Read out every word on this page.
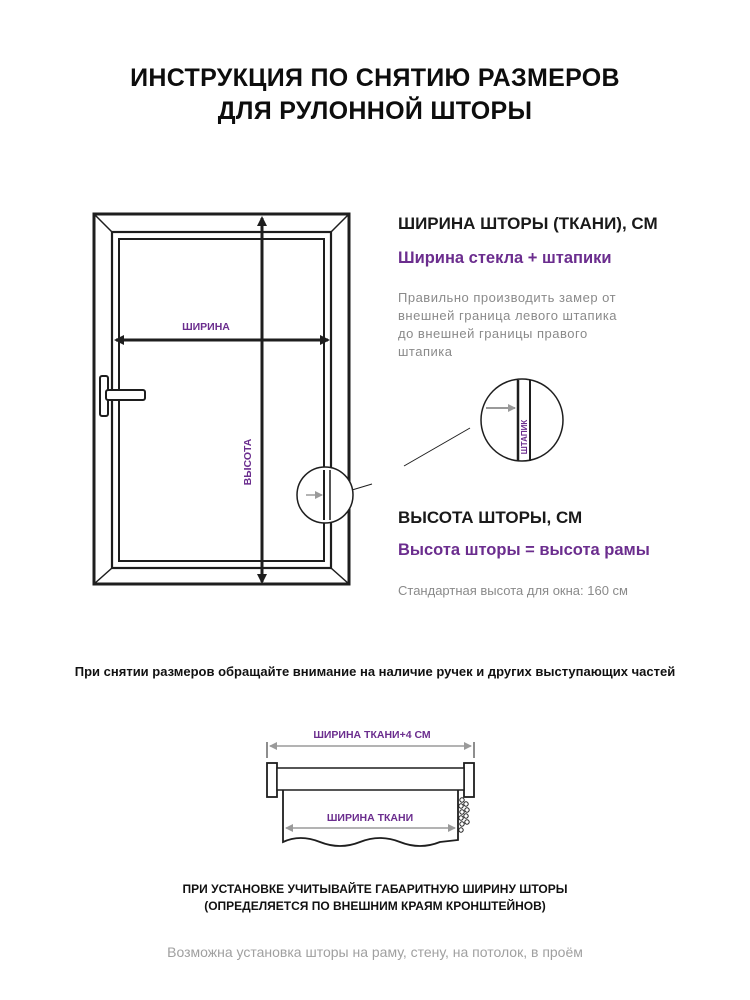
ИНСТРУКЦИЯ ПО СНЯТИЮ РАЗМЕРОВ
ДЛЯ РУЛОННОЙ ШТОРЫ
ШИРИНА
ВЫСОТА
ШТАПИК
ШИРИНА ТКАНИ+4 СМ
ШИРИНА ТКАНИ
ШИРИНА ШТОРЫ (ТКАНИ), СМ
Ширина стекла + штапики
Правильно производить замер от
внешней граница левого штапика
до внешней границы правого
штапика
ВЫСОТА ШТОРЫ, СМ
Высота шторы = высота рамы
Стандартная высота для окна: 160 см
При снятии размеров обращайте внимание на наличие ручек и других выступающих частей
ПРИ УСТАНОВКЕ УЧИТЫВАЙТЕ ГАБАРИТНУЮ ШИРИНУ ШТОРЫ
(ОПРЕДЕЛЯЕТСЯ ПО ВНЕШНИМ КРАЯМ КРОНШТЕЙНОВ)
Возможна установка шторы на раму, стену, на потолок, в проём
